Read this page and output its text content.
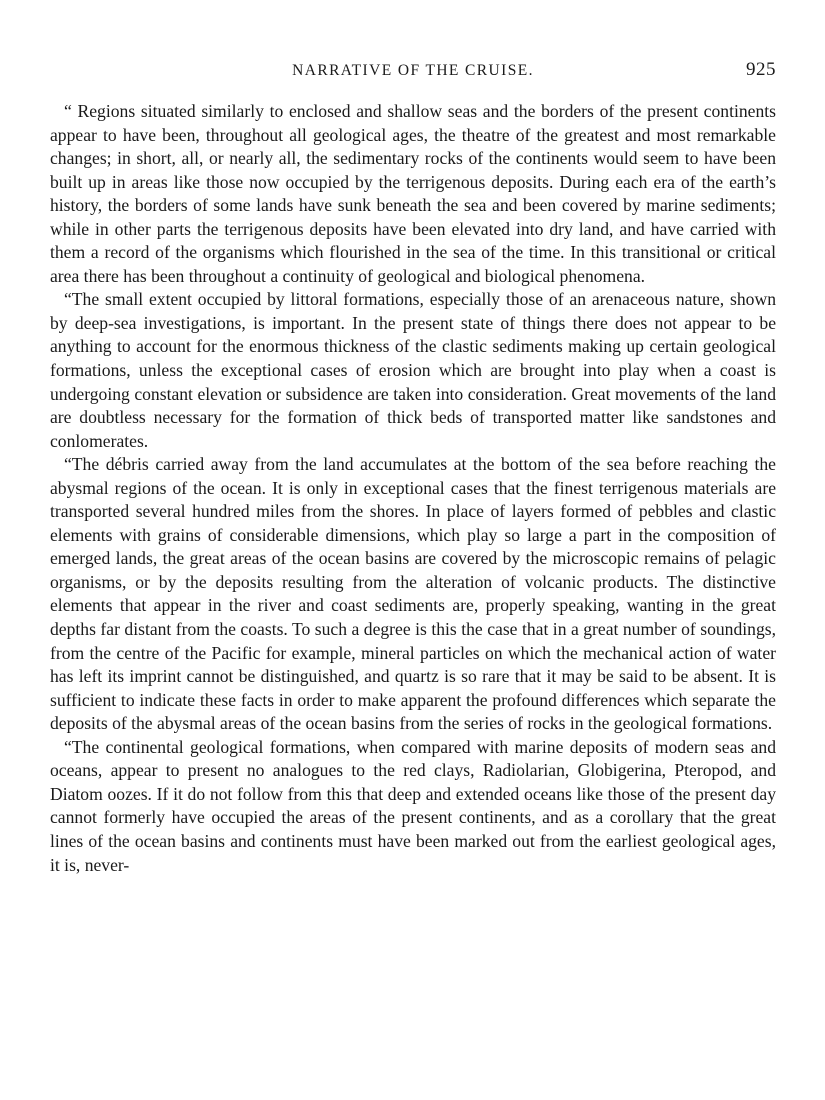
NARRATIVE OF THE CRUISE.	925

“ Regions situated similarly to enclosed and shallow seas and the borders of the present continents appear to have been, throughout all geological ages, the theatre of the greatest and most remarkable changes; in short, all, or nearly all, the sedimentary rocks of the continents would seem to have been built up in areas like those now occupied by the terrigenous deposits. During each era of the earth’s history, the borders of some lands have sunk beneath the sea and been covered by marine sediments; while in other parts the terrigenous deposits have been elevated into dry land, and have carried with them a record of the organisms which flourished in the sea of the time. In this transitional or critical area there has been throughout a continuity of geological and biological phenomena.

“The small extent occupied by littoral formations, especially those of an arenaceous nature, shown by deep-sea investigations, is important. In the present state of things there does not appear to be anything to account for the enormous thickness of the clastic sediments making up certain geological formations, unless the exceptional cases of erosion which are brought into play when a coast is undergoing constant elevation or subsidence are taken into consideration. Great movements of the land are doubtless necessary for the formation of thick beds of transported matter like sandstones and conlomerates.

“The débris carried away from the land accumulates at the bottom of the sea before reaching the abysmal regions of the ocean. It is only in exceptional cases that the finest terrigenous materials are transported several hundred miles from the shores. In place of layers formed of pebbles and clastic elements with grains of considerable dimensions, which play so large a part in the composition of emerged lands, the great areas of the ocean basins are covered by the microscopic remains of pelagic organisms, or by the deposits resulting from the alteration of volcanic products. The distinctive elements that appear in the river and coast sediments are, properly speaking, wanting in the great depths far distant from the coasts. To such a degree is this the case that in a great number of soundings, from the centre of the Pacific for example, mineral particles on which the mechanical action of water has left its imprint cannot be distinguished, and quartz is so rare that it may be said to be absent. It is sufficient to indicate these facts in order to make apparent the profound differences which separate the deposits of the abysmal areas of the ocean basins from the series of rocks in the geological formations.

“The continental geological formations, when compared with marine deposits of modern seas and oceans, appear to present no analogues to the red clays, Radiolarian, Globigerina, Pteropod, and Diatom oozes. If it do not follow from this that deep and extended oceans like those of the present day cannot formerly have occupied the areas of the present continents, and as a corollary that the great lines of the ocean basins and continents must have been marked out from the earliest geological ages, it is, never-
